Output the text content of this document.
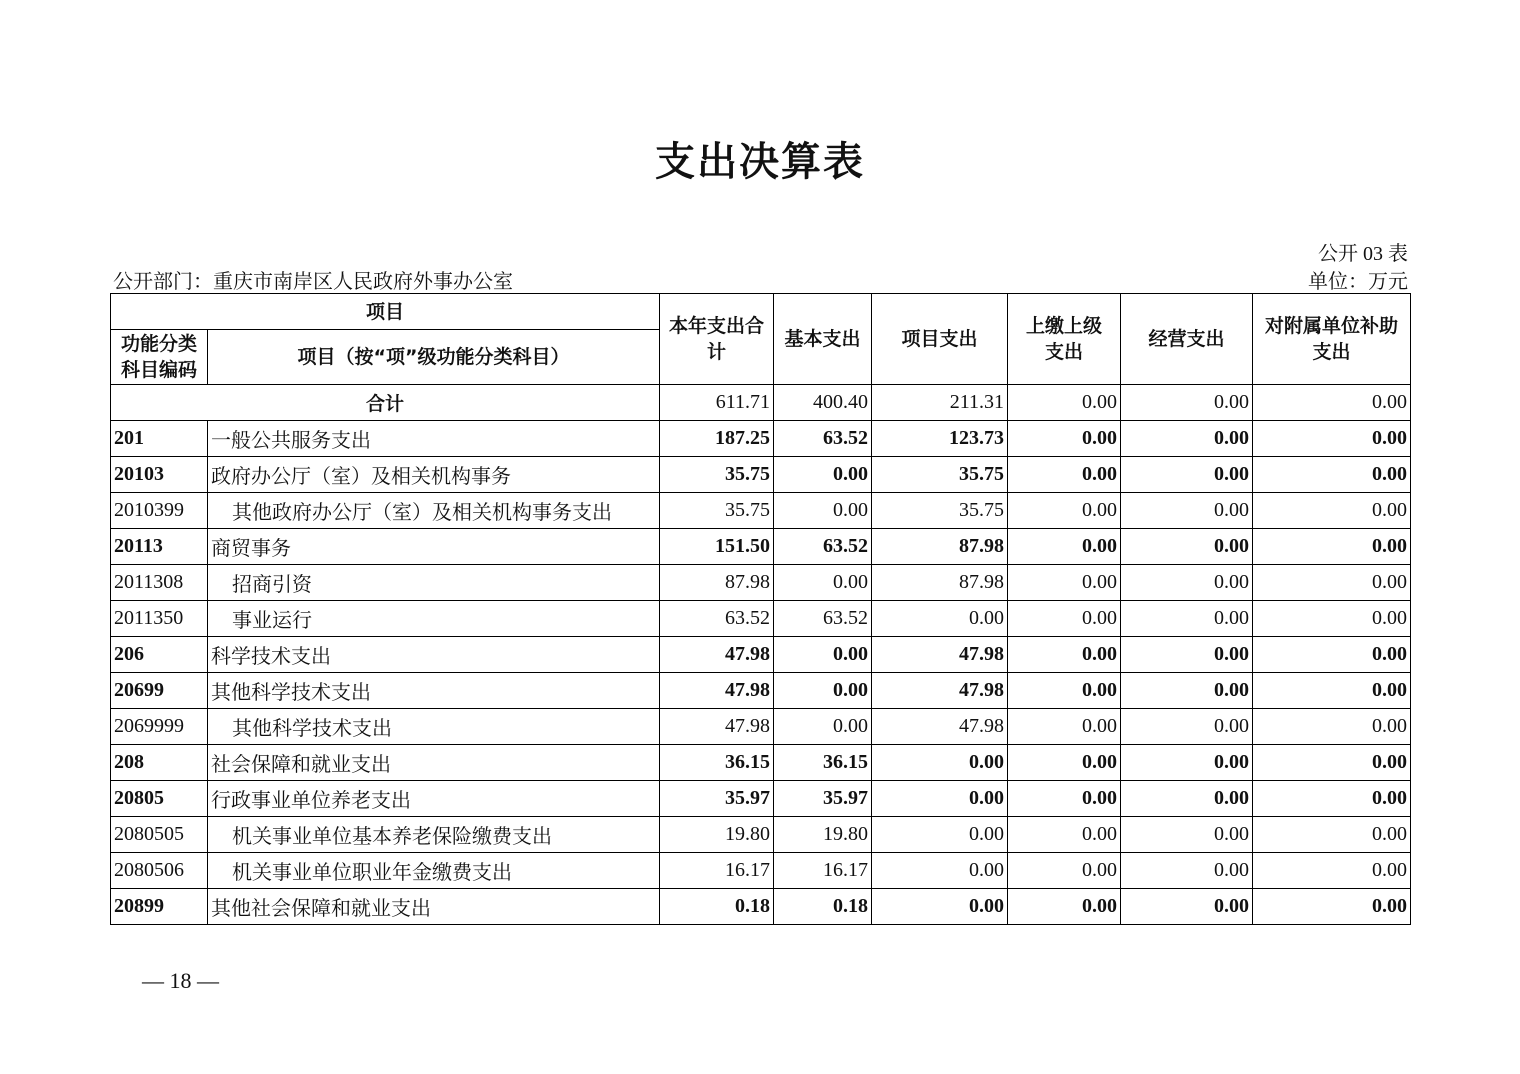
支出决算表
公开 03 表
公开部门：重庆市南岸区人民政府外事办公室	单位：万元
项目		本年支出合计	基本支出	项目支出	上缴上级支出	经营支出	对附属单位补助支出

功能分类科目编码	项目（按“项”级功能分类科目）						
合计		611.71	400.40	211.31	0.00	0.00	0.00
201	一般公共服务支出	187.25	63.52	123.73	0.00	0.00	0.00
20103	政府办公厅（室）及相关机构事务	35.75	0.00	35.75	0.00	0.00	0.00
2010399	其他政府办公厅（室）及相关机构事务支出	35.75	0.00	35.75	0.00	0.00	0.00
20113	商贸事务	151.50	63.52	87.98	0.00	0.00	0.00
2011308	招商引资	87.98	0.00	87.98	0.00	0.00	0.00
2011350	事业运行	63.52	63.52	0.00	0.00	0.00	0.00
206	科学技术支出	47.98	0.00	47.98	0.00	0.00	0.00
20699	其他科学技术支出	47.98	0.00	47.98	0.00	0.00	0.00
2069999	其他科学技术支出	47.98	0.00	47.98	0.00	0.00	0.00
208	社会保障和就业支出	36.15	36.15	0.00	0.00	0.00	0.00
20805	行政事业单位养老支出	35.97	35.97	0.00	0.00	0.00	0.00
2080505	机关事业单位基本养老保险缴费支出	19.80	19.80	0.00	0.00	0.00	0.00
2080506	机关事业单位职业年金缴费支出	16.17	16.17	0.00	0.00	0.00	0.00
20899	其他社会保障和就业支出	0.18	0.18	0.00	0.00	0.00	0.00
— 18 —
